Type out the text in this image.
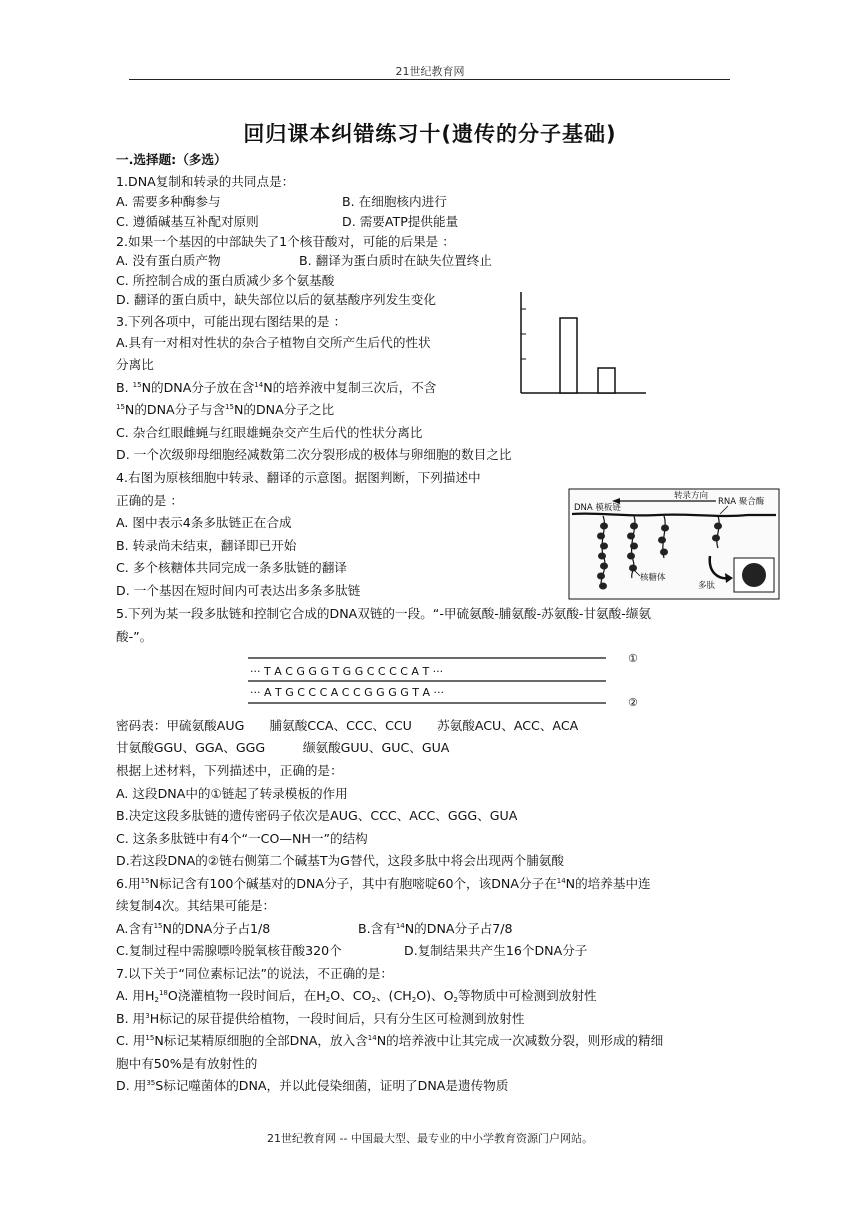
21世纪教育网
回归课本纠错练习十(遗传的分子基础)
一.选择题:（多选）
1.DNA复制和转录的共同点是：
A. 需要多种酶参与	B. 在细胞核内进行
C. 遵循碱基互补配对原则	D. 需要ATP提供能量
2.如果一个基因的中部缺失了1个核苷酸对，可能的后果是 ：
A. 没有蛋白质产物	B. 翻译为蛋白质时在缺失位置终止
C. 所控制合成的蛋白质减少多个氨基酸
D. 翻译的蛋白质中，缺失部位以后的氨基酸序列发生变化
3.下列各项中，可能出现右图结果的是 ：
A.具有一对相对性状的杂合子植物自交所产生后代的性状
分离比
B. $^{15}$N的DNA分子放在含$^{14}$N的培养液中复制三次后，不含
$^{15}$N的DNA分子与含$^{15}$N的DNA分子之比
C. 杂合红眼雌蝇与红眼雄蝇杂交产生后代的性状分离比
D. 一个次级卵母细胞经减数第二次分裂形成的极体与卵细胞的数目之比
4.右图为原核细胞中转录、翻译的示意图。据图判断，下列描述中
正确的是 ：
A. 图中表示4条多肽链正在合成
B. 转录尚未结束，翻译即已开始
C. 多个核糖体共同完成一条多肽链的翻译
D. 一个基因在短时间内可表达出多条多肽链
转录方向
DNA 模板链
RNA 聚合酶
核糖体
多肽
5.下列为某一段多肽链和控制它合成的DNA双链的一段。“-甲硫氨酸-脯氨酸-苏氨酸-甘氨酸-缬氨
酸-”。
··· T A C G G G T G G C C C C A T ···
··· A T G C C C A C C G G G G T A ···
①
②
密码表：甲硫氨酸AUG　　脯氨酸CCA、CCC、CCU　　苏氨酸ACU、ACC、ACA
甘氨酸GGU、GGA、GGG　　　缬氨酸GUU、GUC、GUA
根据上述材料，下列描述中，正确的是：
A. 这段DNA中的①链起了转录模板的作用
B.决定这段多肽链的遗传密码子依次是AUG、CCC、ACC、GGG、GUA
C. 这条多肽链中有4个“一CO—NH一”的结构
D.若这段DNA的②链右侧第二个碱基T为G替代，这段多肽中将会出现两个脯氨酸
6.用$^{15}$N标记含有100个碱基对的DNA分子，其中有胞嘧啶60个，该DNA分子在$^{14}$N的培养基中连
续复制4次。其结果可能是：
A.含有$^{15}$N的DNA分子占1/8	B.含有$^{14}$N的DNA分子占7/8
C.复制过程中需腺嘌呤脱氧核苷酸320个	D.复制结果共产生16个DNA分子
7.以下关于“同位素标记法”的说法，不正确的是：
A. 用$H_2^{18}O$浇灌植物一段时间后，在$H_2O$、$CO_2$、$(CH_2O)$、$O_2$等物质中可检测到放射性
B. 用$^3$H标记的尿苷提供给植物，一段时间后，只有分生区可检测到放射性
C. 用$^{15}$N标记某精原细胞的全部DNA，放入含$^{14}$N的培养液中让其完成一次减数分裂，则形成的精细
胞中有50%是有放射性的
D. 用$^{35}$S标记噬菌体的DNA，并以此侵染细菌，证明了DNA是遗传物质
21世纪教育网 -- 中国最大型、最专业的中小学教育资源门户网站。
